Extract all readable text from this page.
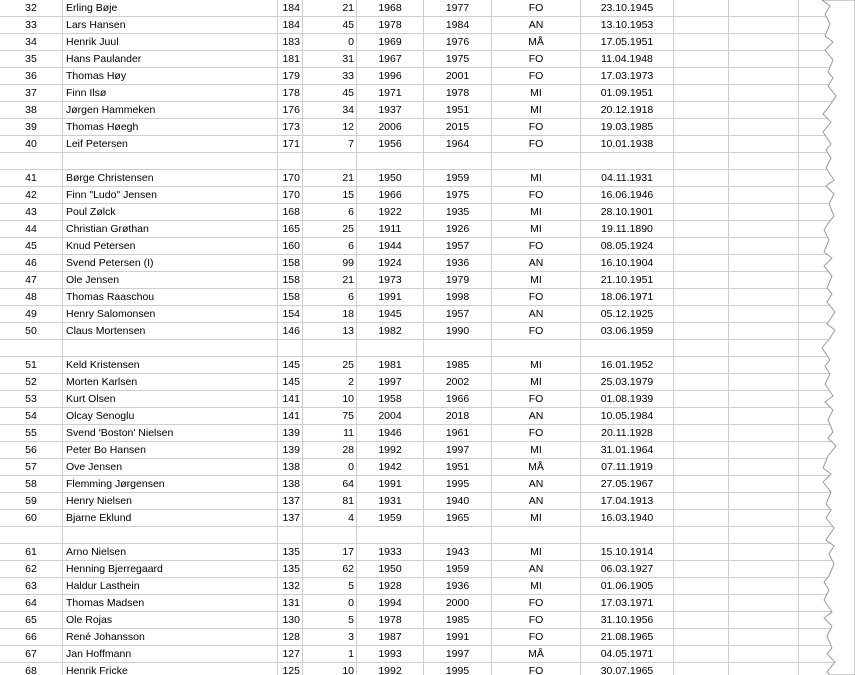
32	Erling Bøje	184	21	1968	1977	FO	23.10.1945
33	Lars Hansen	184	45	1978	1984	AN	13.10.1953
34	Henrik Juul	183	0	1969	1976	MÅ	17.05.1951
35	Hans Paulander	181	31	1967	1975	FO	11.04.1948
36	Thomas Høy	179	33	1996	2001	FO	17.03.1973
37	Finn Ilsø	178	45	1971	1978	MI	01.09.1951
38	Jørgen Hammeken	176	34	1937	1951	MI	20.12.1918
39	Thomas Høegh	173	12	2006	2015	FO	19.03.1985
40	Leif Petersen	171	7	1956	1964	FO	10.01.1938
41	Børge Christensen	170	21	1950	1959	MI	04.11.1931
42	Finn "Ludo" Jensen	170	15	1966	1975	FO	16.06.1946
43	Poul Zølck	168	6	1922	1935	MI	28.10.1901
44	Christian Grøthan	165	25	1911	1926	MI	19.11.1890
45	Knud Petersen	160	6	1944	1957	FO	08.05.1924
46	Svend Petersen (I)	158	99	1924	1936	AN	16.10.1904
47	Ole Jensen	158	21	1973	1979	MI	21.10.1951
48	Thomas Raaschou	158	6	1991	1998	FO	18.06.1971
49	Henry Salomonsen	154	18	1945	1957	AN	05.12.1925
50	Claus Mortensen	146	13	1982	1990	FO	03.06.1959
51	Keld Kristensen	145	25	1981	1985	MI	16.01.1952
52	Morten Karlsen	145	2	1997	2002	MI	25.03.1979
53	Kurt Olsen	141	10	1958	1966	FO	01.08.1939
54	Olcay Senoglu	141	75	2004	2018	AN	10.05.1984
55	Svend 'Boston' Nielsen	139	11	1946	1961	FO	20.11.1928
56	Peter Bo Hansen	139	28	1992	1997	MI	31.01.1964
57	Ove Jensen	138	0	1942	1951	MÅ	07.11.1919
58	Flemming Jørgensen	138	64	1991	1995	AN	27.05.1967
59	Henry Nielsen	137	81	1931	1940	AN	17.04.1913
60	Bjarne Eklund	137	4	1959	1965	MI	16.03.1940
61	Arno Nielsen	135	17	1933	1943	MI	15.10.1914
62	Henning Bjerregaard	135	62	1950	1959	AN	06.03.1927
63	Haldur Lasthein	132	5	1928	1936	MI	01.06.1905
64	Thomas Madsen	131	0	1994	2000	FO	17.03.1971
65	Ole Rojas	130	5	1978	1985	FO	31.10.1956
66	René Johansson	128	3	1987	1991	FO	21.08.1965
67	Jan Hoffmann	127	1	1993	1997	MÅ	04.05.1971
68	Henrik Fricke	125	10	1992	1995	FO	30.07.1965
